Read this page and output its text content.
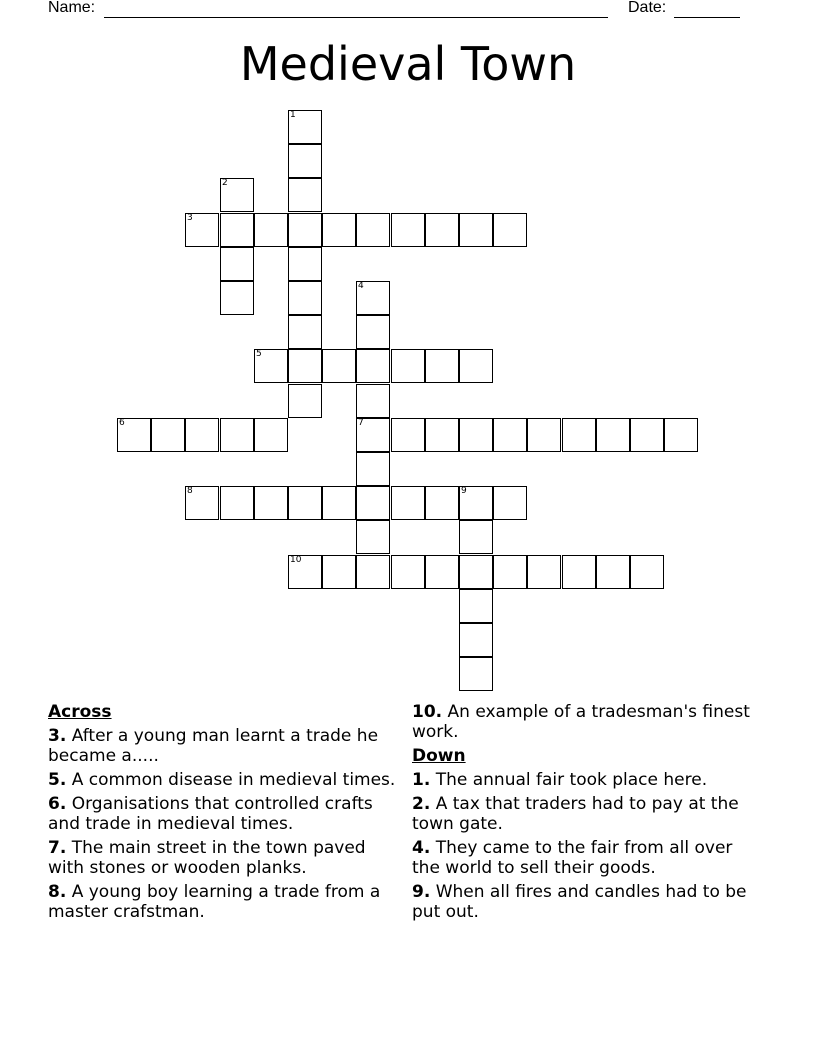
Name:	Date:
Medieval Town
1
2
3
4
7
5
6
8	9
10
Across
3. After a young man learnt a trade he became a.....
5. A common disease in medieval times.
6. Organisations that controlled crafts and trade in medieval times.
7. The main street in the town paved with stones or wooden planks.
8. A young boy learning a trade from a master crafstman.
10. An example of a tradesman's finest work.
Down
1. The annual fair took place here.
2. A tax that traders had to pay at the town gate.
4. They came to the fair from all over the world to sell their goods.
9. When all fires and candles had to be put out.
